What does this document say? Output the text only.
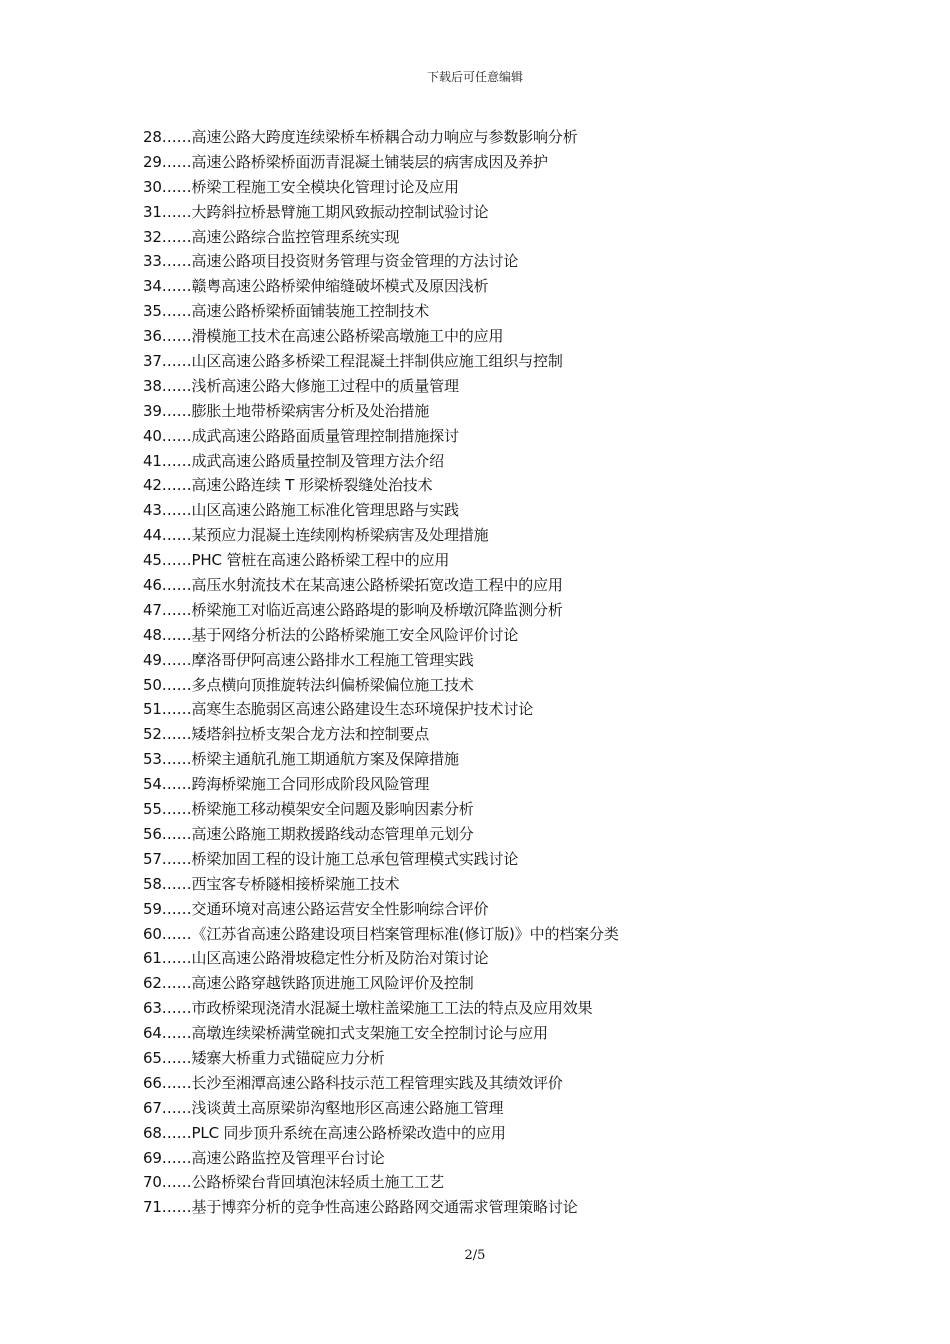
下载后可任意编辑
28……高速公路大跨度连续梁桥车桥耦合动力响应与参数影响分析
29……高速公路桥梁桥面沥青混凝土铺装层的病害成因及养护
30……桥梁工程施工安全模块化管理讨论及应用
31……大跨斜拉桥悬臂施工期风致振动控制试验讨论
32……高速公路综合监控管理系统实现
33……高速公路项目投资财务管理与资金管理的方法讨论
34……赣粤高速公路桥梁伸缩缝破坏模式及原因浅析
35……高速公路桥梁桥面铺装施工控制技术
36……滑模施工技术在高速公路桥梁高墩施工中的应用
37……山区高速公路多桥梁工程混凝土拌制供应施工组织与控制
38……浅析高速公路大修施工过程中的质量管理
39……膨胀土地带桥梁病害分析及处治措施
40……成武高速公路路面质量管理控制措施探讨
41……成武高速公路质量控制及管理方法介绍
42……高速公路连续 T 形梁桥裂缝处治技术
43……山区高速公路施工标准化管理思路与实践
44……某预应力混凝土连续刚构桥梁病害及处理措施
45……PHC 管桩在高速公路桥梁工程中的应用
46……高压水射流技术在某高速公路桥梁拓宽改造工程中的应用
47……桥梁施工对临近高速公路路堤的影响及桥墩沉降监测分析
48……基于网络分析法的公路桥梁施工安全风险评价讨论
49……摩洛哥伊阿高速公路排水工程施工管理实践
50……多点横向顶推旋转法纠偏桥梁偏位施工技术
51……高寒生态脆弱区高速公路建设生态环境保护技术讨论
52……矮塔斜拉桥支架合龙方法和控制要点
53……桥梁主通航孔施工期通航方案及保障措施
54……跨海桥梁施工合同形成阶段风险管理
55……桥梁施工移动模架安全问题及影响因素分析
56……高速公路施工期救援路线动态管理单元划分
57……桥梁加固工程的设计施工总承包管理模式实践讨论
58……西宝客专桥隧相接桥梁施工技术
59……交通环境对高速公路运营安全性影响综合评价
60……《江苏省高速公路建设项目档案管理标准(修订版)》中的档案分类
61……山区高速公路滑坡稳定性分析及防治对策讨论
62……高速公路穿越铁路顶进施工风险评价及控制
63……市政桥梁现浇清水混凝土墩柱盖梁施工工法的特点及应用效果
64……高墩连续梁桥满堂碗扣式支架施工安全控制讨论与应用
65……矮寨大桥重力式锚碇应力分析
66……长沙至湘潭高速公路科技示范工程管理实践及其绩效评价
67……浅谈黄土高原梁峁沟壑地形区高速公路施工管理
68……PLC 同步顶升系统在高速公路桥梁改造中的应用
69……高速公路监控及管理平台讨论
70……公路桥梁台背回填泡沫轻质土施工工艺
71……基于博弈分析的竞争性高速公路路网交通需求管理策略讨论
2/5
